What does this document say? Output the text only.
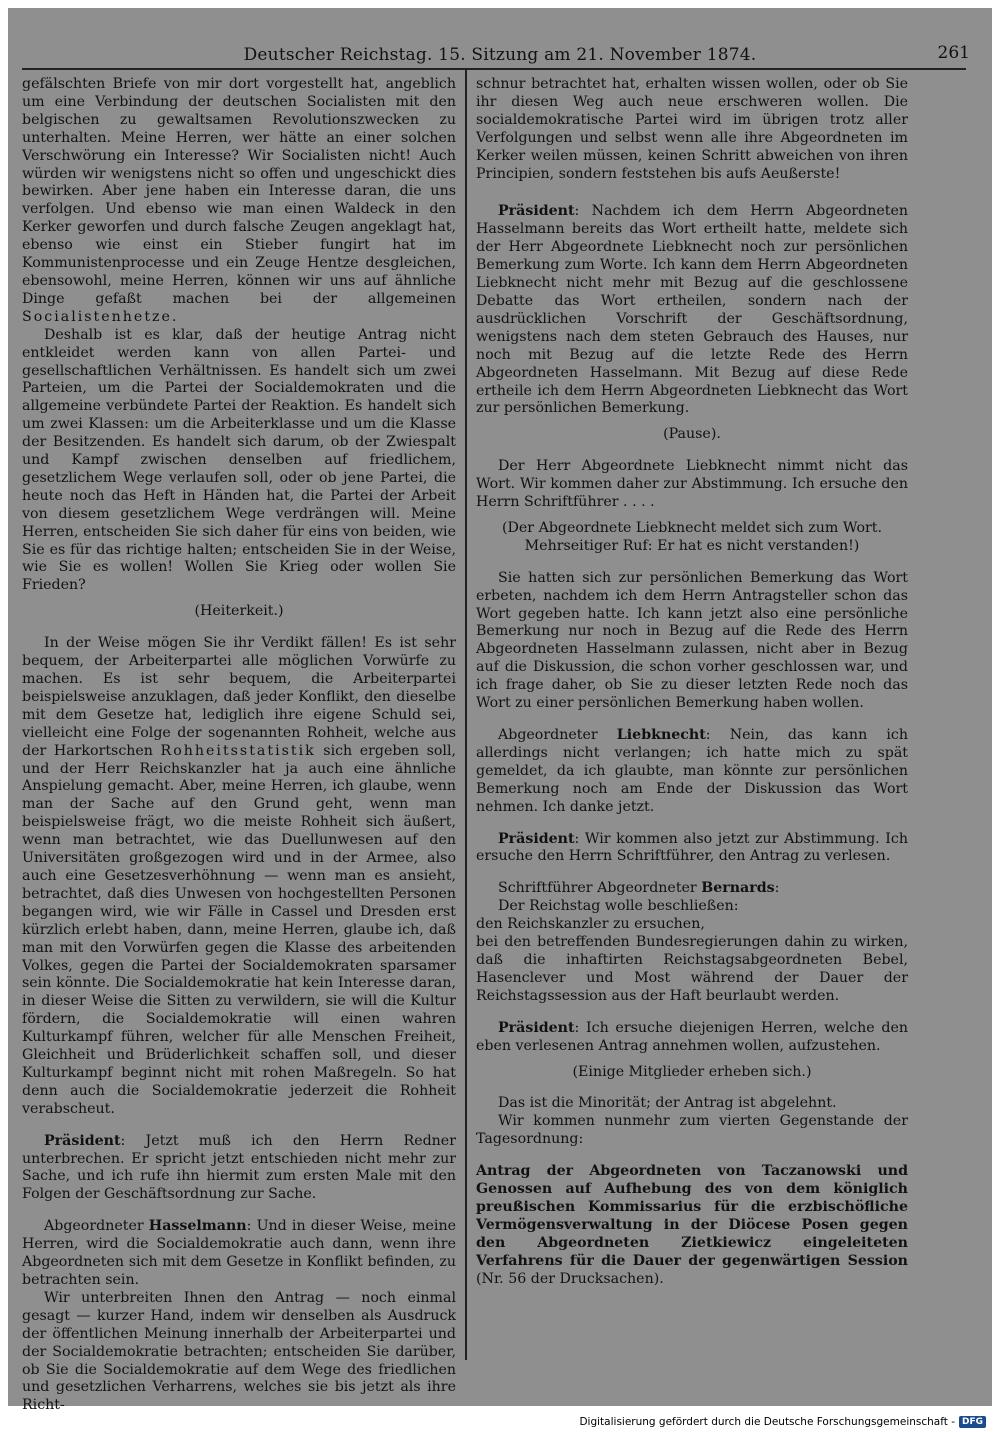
Deutscher Reichstag. 15. Sitzung am 21. November 1874.	261

gefälschten Briefe von mir dort vorgestellt hat, angeblich um eine Verbindung der deutschen Socialisten mit den belgischen zu gewaltsamen Revolutionszwecken zu unterhalten. Meine Herren, wer hätte an einer solchen Verschwörung ein Interesse? Wir Socialisten nicht! Auch würden wir wenigstens nicht so offen und ungeschickt dies bewirken. Aber jene haben ein Interesse daran, die uns verfolgen. Und ebenso wie man einen Waldeck in den Kerker geworfen und durch falsche Zeugen angeklagt hat, ebenso wie einst ein Stieber fungirt hat im Kommunistenprocesse und ein Zeuge Hentze desgleichen, ebensowohl, meine Herren, können wir uns auf ähnliche Dinge gefaßt machen bei der allgemeinen Socialistenhetze.

Deshalb ist es klar, daß der heutige Antrag nicht entkleidet werden kann von allen Partei- und gesellschaftlichen Verhältnissen. Es handelt sich um zwei Parteien, um die Partei der Socialdemokraten und die allgemeine verbündete Partei der Reaktion. Es handelt sich um zwei Klassen: um die Arbeiterklasse und um die Klasse der Besitzenden. Es handelt sich darum, ob der Zwiespalt und Kampf zwischen denselben auf friedlichem, gesetzlichem Wege verlaufen soll, oder ob jene Partei, die heute noch das Heft in Händen hat, die Partei der Arbeit von diesem gesetzlichem Wege verdrängen will. Meine Herren, entscheiden Sie sich daher für eins von beiden, wie Sie es für das richtige halten; entscheiden Sie in der Weise, wie Sie es wollen! Wollen Sie Krieg oder wollen Sie Frieden?

(Heiterkeit.)

In der Weise mögen Sie ihr Verdikt fällen! Es ist sehr bequem, der Arbeiterpartei alle möglichen Vorwürfe zu machen. Es ist sehr bequem, die Arbeiterpartei beispielsweise anzuklagen, daß jeder Konflikt, den dieselbe mit dem Gesetze hat, lediglich ihre eigene Schuld sei, vielleicht eine Folge der sogenannten Rohheit, welche aus der Harkortschen Rohheitsstatistik sich ergeben soll, und der Herr Reichskanzler hat ja auch eine ähnliche Anspielung gemacht. Aber, meine Herren, ich glaube, wenn man der Sache auf den Grund geht, wenn man beispielsweise frägt, wo die meiste Rohheit sich äußert, wenn man betrachtet, wie das Duellunwesen auf den Universitäten großgezogen wird und in der Armee, also auch eine Gesetzesverhöhnung — wenn man es ansieht, betrachtet, daß dies Unwesen von hochgestellten Personen begangen wird, wie wir Fälle in Cassel und Dresden erst kürzlich erlebt haben, dann, meine Herren, glaube ich, daß man mit den Vorwürfen gegen die Klasse des arbeitenden Volkes, gegen die Partei der Socialdemokraten sparsamer sein könnte. Die Socialdemokratie hat kein Interesse daran, in dieser Weise die Sitten zu verwildern, sie will die Kultur fördern, die Socialdemokratie will einen wahren Kulturkampf führen, welcher für alle Menschen Freiheit, Gleichheit und Brüderlichkeit schaffen soll, und dieser Kulturkampf beginnt nicht mit rohen Maßregeln. So hat denn auch die Socialdemokratie jederzeit die Rohheit verabscheut.

Präsident: Jetzt muß ich den Herrn Redner unterbrechen. Er spricht jetzt entschieden nicht mehr zur Sache, und ich rufe ihn hiermit zum ersten Male mit den Folgen der Geschäftsordnung zur Sache.

Abgeordneter Hasselmann: Und in dieser Weise, meine Herren, wird die Socialdemokratie auch dann, wenn ihre Abgeordneten sich mit dem Gesetze in Konflikt befinden, zu betrachten sein.

Wir unterbreiten Ihnen den Antrag — noch einmal gesagt — kurzer Hand, indem wir denselben als Ausdruck der öffentlichen Meinung innerhalb der Arbeiterpartei und der Socialdemokratie betrachten; entscheiden Sie darüber, ob Sie die Socialdemokratie auf dem Wege des friedlichen und gesetzlichen Verharrens, welches sie bis jetzt als ihre Richt-

schnur betrachtet hat, erhalten wissen wollen, oder ob Sie ihr diesen Weg auch neue erschweren wollen. Die socialdemokratische Partei wird im übrigen trotz aller Verfolgungen und selbst wenn alle ihre Abgeordneten im Kerker weilen müssen, keinen Schritt abweichen von ihren Principien, sondern feststehen bis aufs Aeußerste!

Präsident: Nachdem ich dem Herrn Abgeordneten Hasselmann bereits das Wort ertheilt hatte, meldete sich der Herr Abgeordnete Liebknecht noch zur persönlichen Bemerkung zum Worte. Ich kann dem Herrn Abgeordneten Liebknecht nicht mehr mit Bezug auf die geschlossene Debatte das Wort ertheilen, sondern nach der ausdrücklichen Vorschrift der Geschäftsordnung, wenigstens nach dem steten Gebrauch des Hauses, nur noch mit Bezug auf die letzte Rede des Herrn Abgeordneten Hasselmann. Mit Bezug auf diese Rede ertheile ich dem Herrn Abgeordneten Liebknecht das Wort zur persönlichen Bemerkung.

(Pause).

Der Herr Abgeordnete Liebknecht nimmt nicht das Wort. Wir kommen daher zur Abstimmung. Ich ersuche den Herrn Schriftführer . . . .

(Der Abgeordnete Liebknecht meldet sich zum Wort. Mehrseitiger Ruf: Er hat es nicht verstanden!)

Sie hatten sich zur persönlichen Bemerkung das Wort erbeten, nachdem ich dem Herrn Antragsteller schon das Wort gegeben hatte. Ich kann jetzt also eine persönliche Bemerkung nur noch in Bezug auf die Rede des Herrn Abgeordneten Hasselmann zulassen, nicht aber in Bezug auf die Diskussion, die schon vorher geschlossen war, und ich frage daher, ob Sie zu dieser letzten Rede noch das Wort zu einer persönlichen Bemerkung haben wollen.

Abgeordneter Liebknecht: Nein, das kann ich allerdings nicht verlangen; ich hatte mich zu spät gemeldet, da ich glaubte, man könnte zur persönlichen Bemerkung noch am Ende der Diskussion das Wort nehmen. Ich danke jetzt.

Präsident: Wir kommen also jetzt zur Abstimmung. Ich ersuche den Herrn Schriftführer, den Antrag zu verlesen.

Schriftführer Abgeordneter Bernards:

Der Reichstag wolle beschließen:

den Reichskanzler zu ersuchen,

bei den betreffenden Bundesregierungen dahin zu wirken, daß die inhaftirten Reichstagsabgeordneten Bebel, Hasenclever und Most während der Dauer der Reichstagssession aus der Haft beurlaubt werden.

Präsident: Ich ersuche diejenigen Herren, welche den eben verlesenen Antrag annehmen wollen, aufzustehen.

(Einige Mitglieder erheben sich.)

Das ist die Minorität; der Antrag ist abgelehnt.

Wir kommen nunmehr zum vierten Gegenstande der Tagesordnung:

Antrag der Abgeordneten von Taczanowski und Genossen auf Aufhebung des von dem königlich preußischen Kommissarius für die erzbischöfliche Vermögensverwaltung in der Diöcese Posen gegen den Abgeordneten Zietkiewicz eingeleiteten Verfahrens für die Dauer der gegenwärtigen Session (Nr. 56 der Drucksachen).

Digitalisierung gefördert durch die Deutsche Forschungsgemeinschaft - DFG
